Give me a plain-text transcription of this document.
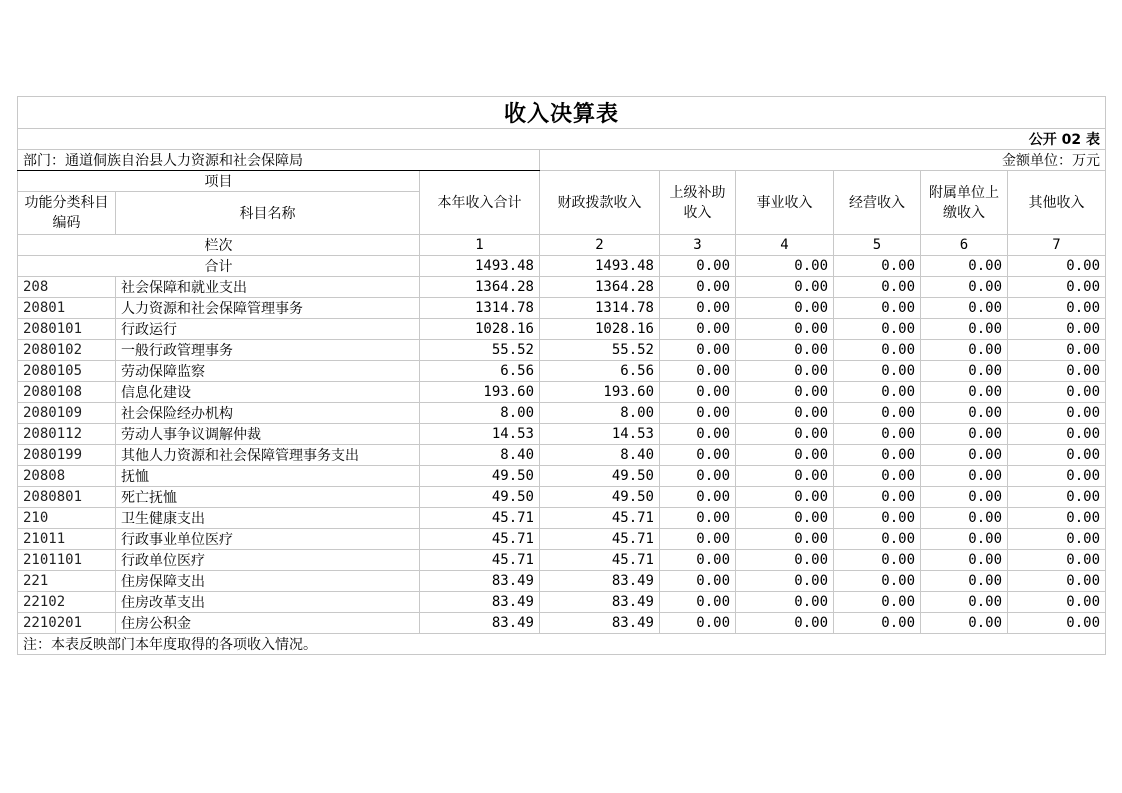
收入决算表								
公开 02 表								
部门：通道侗族自治县人力资源和社会保障局			金额单位：万元					
项目		本年收入合计	财政拨款收入	上级补助收入	事业收入	经营收入	附属单位上缴收入	其他收入
功能分类科目编码	科目名称							
栏次		1	2	3	4	5	6	7
合计		1493.48	1493.48	0.00	0.00	0.00	0.00	0.00
208	社会保障和就业支出	1364.28	1364.28	0.00	0.00	0.00	0.00	0.00
20801	人力资源和社会保障管理事务	1314.78	1314.78	0.00	0.00	0.00	0.00	0.00
2080101	行政运行	1028.16	1028.16	0.00	0.00	0.00	0.00	0.00
2080102	一般行政管理事务	55.52	55.52	0.00	0.00	0.00	0.00	0.00
2080105	劳动保障监察	6.56	6.56	0.00	0.00	0.00	0.00	0.00
2080108	信息化建设	193.60	193.60	0.00	0.00	0.00	0.00	0.00
2080109	社会保险经办机构	8.00	8.00	0.00	0.00	0.00	0.00	0.00
2080112	劳动人事争议调解仲裁	14.53	14.53	0.00	0.00	0.00	0.00	0.00
2080199	其他人力资源和社会保障管理事务支出	8.40	8.40	0.00	0.00	0.00	0.00	0.00
20808	抚恤	49.50	49.50	0.00	0.00	0.00	0.00	0.00
2080801	死亡抚恤	49.50	49.50	0.00	0.00	0.00	0.00	0.00
210	卫生健康支出	45.71	45.71	0.00	0.00	0.00	0.00	0.00
21011	行政事业单位医疗	45.71	45.71	0.00	0.00	0.00	0.00	0.00
2101101	行政单位医疗	45.71	45.71	0.00	0.00	0.00	0.00	0.00
221	住房保障支出	83.49	83.49	0.00	0.00	0.00	0.00	0.00
22102	住房改革支出	83.49	83.49	0.00	0.00	0.00	0.00	0.00
2210201	住房公积金	83.49	83.49	0.00	0.00	0.00	0.00	0.00
注：本表反映部门本年度取得的各项收入情况。								
